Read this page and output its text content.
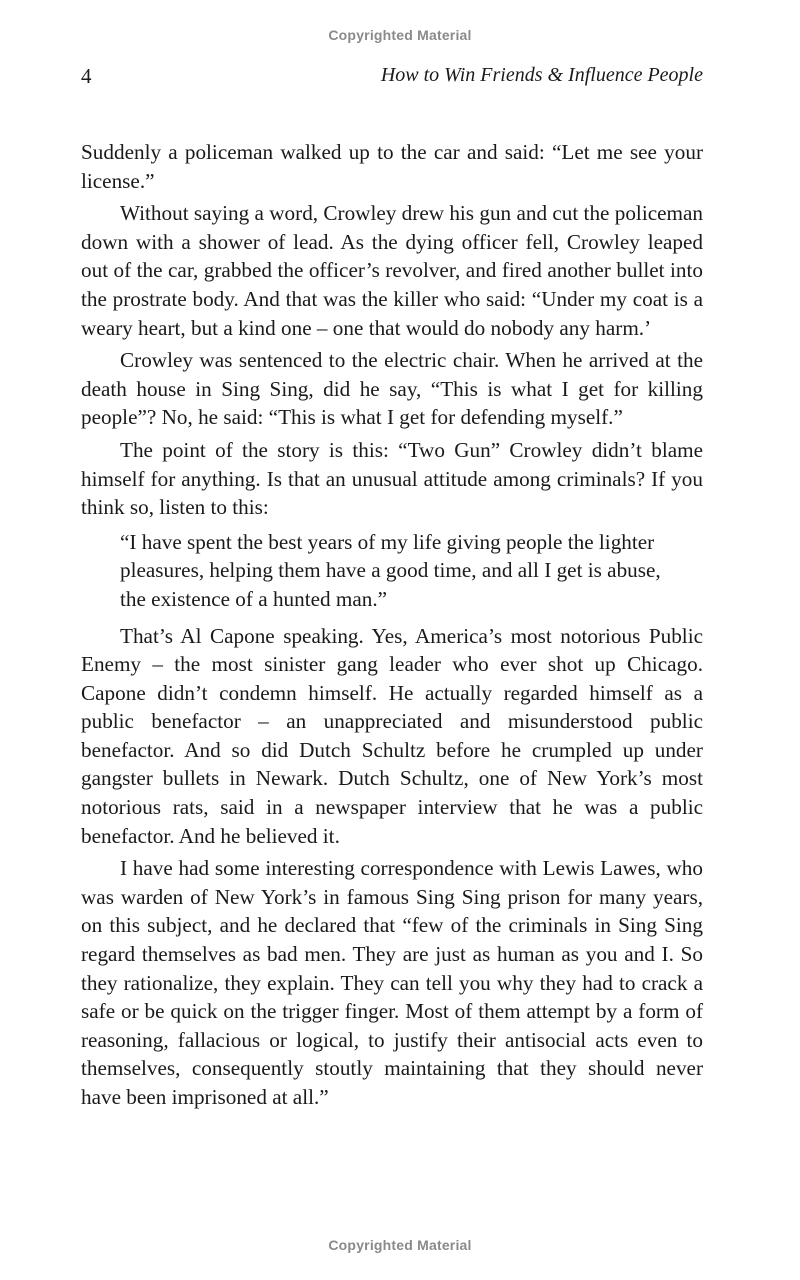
Copyrighted Material
4	How to Win Friends & Influence People

Suddenly a policeman walked up to the car and said: “Let me see your license.”

Without saying a word, Crowley drew his gun and cut the policeman down with a shower of lead. As the dying officer fell, Crowley leaped out of the car, grabbed the officer’s revolver, and fired another bullet into the prostrate body. And that was the killer who said: “Under my coat is a weary heart, but a kind one – one that would do nobody any harm.’

Crowley was sentenced to the electric chair. When he arrived at the death house in Sing Sing, did he say, “This is what I get for killing people”? No, he said: “This is what I get for defending myself.”

The point of the story is this: “Two Gun” Crowley didn’t blame himself for anything. Is that an unusual attitude among criminals? If you think so, listen to this:

“I have spent the best years of my life giving people the lighter pleasures, helping them have a good time, and all I get is abuse, the existence of a hunted man.”

That’s Al Capone speaking. Yes, America’s most notorious Public Enemy – the most sinister gang leader who ever shot up Chicago. Capone didn’t condemn himself. He actually regarded himself as a public benefactor – an unappreciated and misunderstood public benefactor. And so did Dutch Schultz before he crumpled up under gangster bullets in Newark. Dutch Schultz, one of New York’s most notorious rats, said in a newspaper interview that he was a public benefactor. And he believed it.

I have had some interesting correspondence with Lewis Lawes, who was warden of New York’s in famous Sing Sing prison for many years, on this subject, and he declared that “few of the criminals in Sing Sing regard themselves as bad men. They are just as human as you and I. So they rationalize, they explain. They can tell you why they had to crack a safe or be quick on the trigger finger. Most of them attempt by a form of reasoning, fallacious or logical, to justify their antisocial acts even to themselves, consequently stoutly maintaining that they should never have been imprisoned at all.”

Copyrighted Material
